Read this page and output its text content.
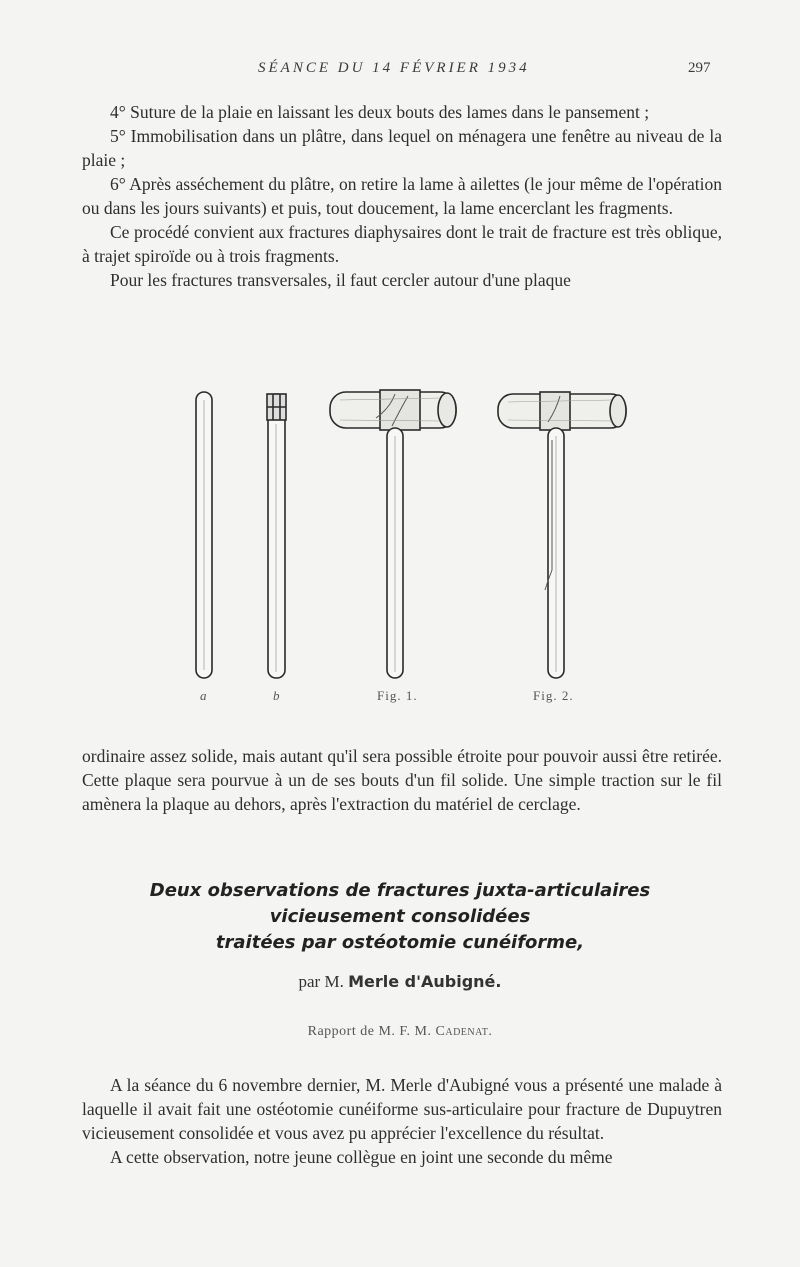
SÉANCE DU 14 FÉVRIER 1934	297

4° Suture de la plaie en laissant les deux bouts des lames dans le pansement ;

5° Immobilisation dans un plâtre, dans lequel on ménagera une fenêtre au niveau de la plaie ;

6° Après asséchement du plâtre, on retire la lame à ailettes (le jour même de l'opération ou dans les jours suivants) et puis, tout doucement, la lame encerclant les fragments.

Ce procédé convient aux fractures diaphysaires dont le trait de fracture est très oblique, à trajet spiroïde ou à trois fragments.

Pour les fractures transversales, il faut cercler autour d'une plaque

a	b	Fig. 1.	Fig. 2.

ordinaire assez solide, mais autant qu'il sera possible étroite pour pouvoir aussi être retirée. Cette plaque sera pourvue à un de ses bouts d'un fil solide. Une simple traction sur le fil amènera la plaque au dehors, après l'extraction du matériel de cerclage.

Deux observations de fractures juxta-articulaires
vicieusement consolidées
traitées par ostéotomie cunéiforme,
par M. Merle d'Aubigné.
Rapport de M. F. M. Cadenat.

A la séance du 6 novembre dernier, M. Merle d'Aubigné vous a présenté une malade à laquelle il avait fait une ostéotomie cunéiforme sus-articulaire pour fracture de Dupuytren vicieusement consolidée et vous avez pu apprécier l'excellence du résultat.

A cette observation, notre jeune collègue en joint une seconde du même
